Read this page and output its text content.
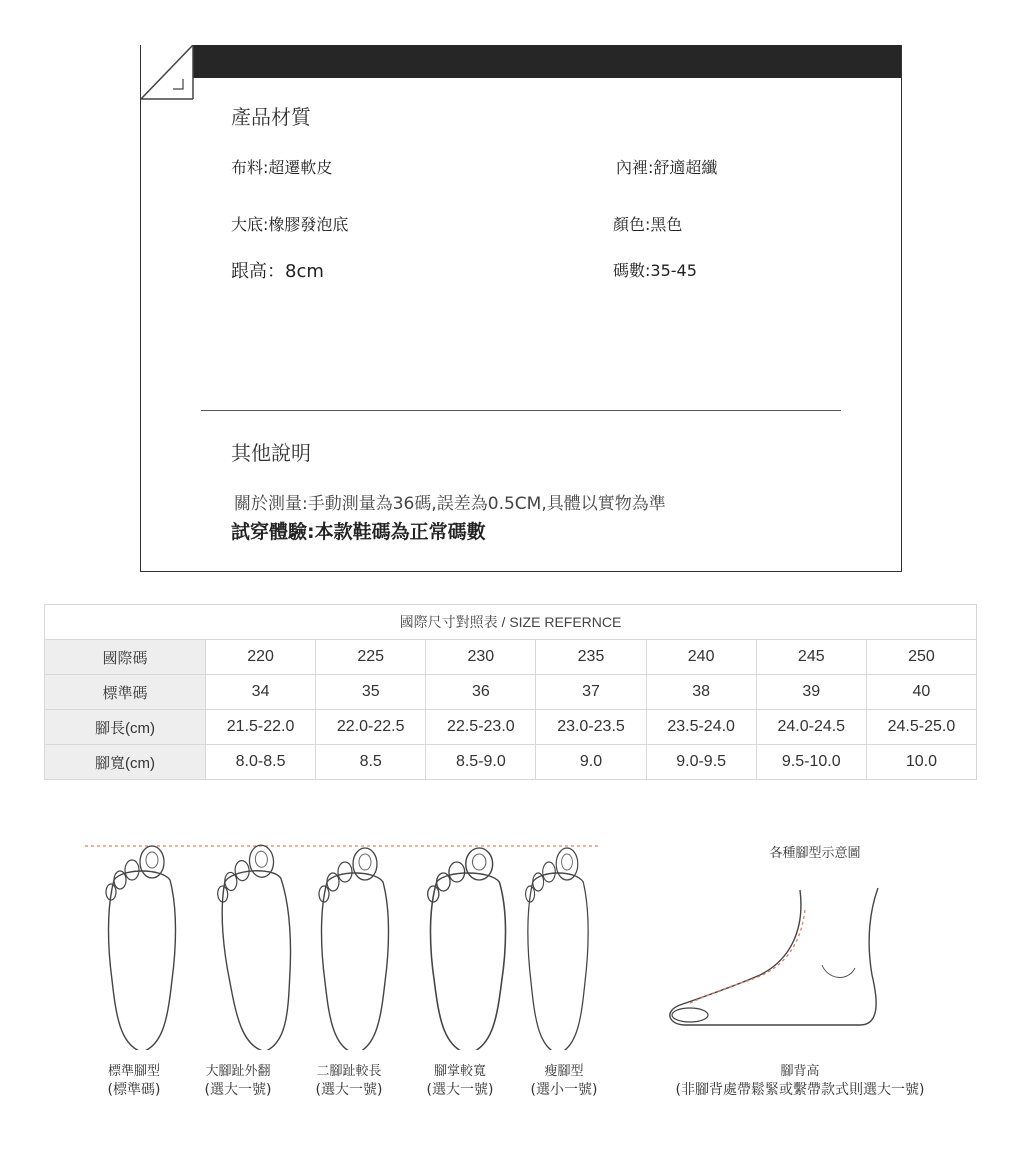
產品材質
布料:超遷軟皮	內裡:舒適超纖
大底:橡膠發泡底	顏色:黑色
跟高：8cm	碼數:35-45
其他說明
關於測量:手動測量為36碼,誤差為0.5CM,具體以實物為準
試穿體驗:本款鞋碼為正常碼數
國際尺寸對照表 / SIZE REFERNCE							
國際碼	220	225	230	235	240	245	250
標準碼	34	35	36	37	38	39	40
腳長(cm)	21.5-22.0	22.0-22.5	22.5-23.0	23.0-23.5	23.5-24.0	24.0-24.5	24.5-25.0
腳寬(cm)	8.0-8.5	8.5	8.5-9.0	9.0	9.0-9.5	9.5-10.0	10.0
標準腳型
(標準碼)
大腳趾外翻
(選大一號)
二腳趾較長
(選大一號)
腳掌較寬
(選大一號)
瘦腳型
(選小一號)
各種腳型示意圖
腳背高
(非腳背處帶鬆緊或繫帶款式則選大一號)
